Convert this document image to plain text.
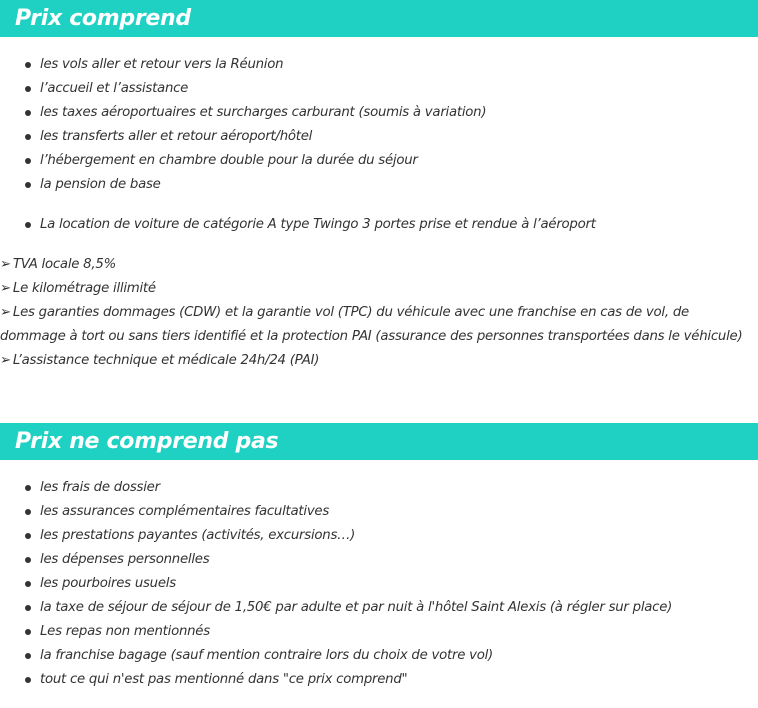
Prix comprend
les vols aller et retour vers la Réunion
l’accueil et l’assistance
les taxes aéroportuaires et surcharges carburant (soumis à variation)
les transferts aller et retour aéroport/hôtel
l’hébergement en chambre double pour la durée du séjour
la pension de base
La location de voiture de catégorie A type Twingo 3 portes prise et rendue à l’aéroport
➢ TVA locale 8,5%
➢ Le kilométrage illimité
➢ Les garanties dommages (CDW) et la garantie vol (TPC) du véhicule avec une franchise en cas de vol, de dommage à tort ou sans tiers identifié et la protection PAI (assurance des personnes transportées dans le véhicule)
➢ L’assistance technique et médicale 24h/24 (PAI)
Prix ne comprend pas
les frais de dossier
les assurances complémentaires facultatives
les prestations payantes (activités, excursions…)
les dépenses personnelles
les pourboires usuels
la taxe de séjour de séjour de 1,50€ par adulte et par nuit à l'hôtel Saint Alexis (à régler sur place)
Les repas non mentionnés
la franchise bagage (sauf mention contraire lors du choix de votre vol)
tout ce qui n'est pas mentionné dans "ce prix comprend"
